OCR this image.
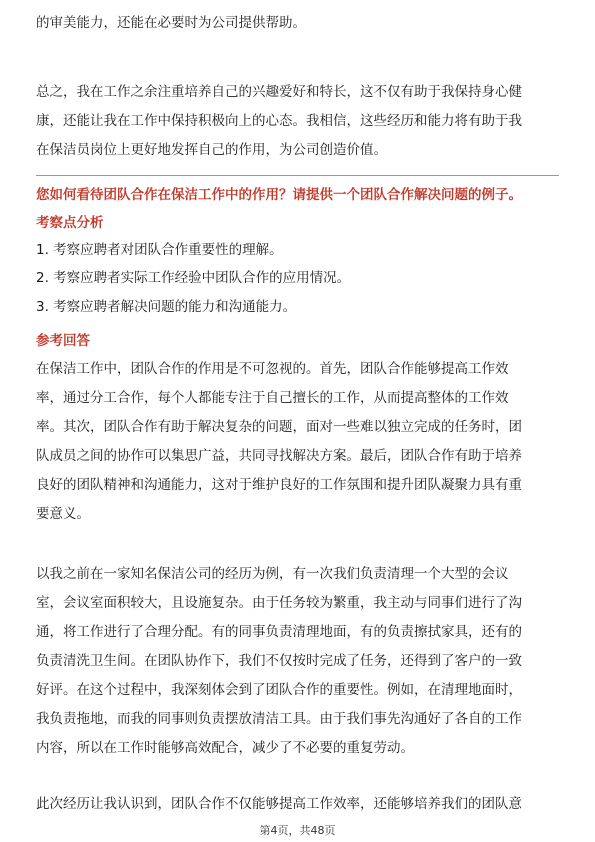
的审美能力，还能在必要时为公司提供帮助。
总之，我在工作之余注重培养自己的兴趣爱好和特长，这不仅有助于我保持身心健
康，还能让我在工作中保持积极向上的心态。我相信，这些经历和能力将有助于我
在保洁员岗位上更好地发挥自己的作用，为公司创造价值。
您如何看待团队合作在保洁工作中的作用？请提供一个团队合作解决问题的例子。
考察点分析
1. 考察应聘者对团队合作重要性的理解。
2. 考察应聘者实际工作经验中团队合作的应用情况。
3. 考察应聘者解决问题的能力和沟通能力。
参考回答
在保洁工作中，团队合作的作用是不可忽视的。首先，团队合作能够提高工作效
率，通过分工合作，每个人都能专注于自己擅长的工作，从而提高整体的工作效
率。其次，团队合作有助于解决复杂的问题，面对一些难以独立完成的任务时，团
队成员之间的协作可以集思广益，共同寻找解决方案。最后，团队合作有助于培养
良好的团队精神和沟通能力，这对于维护良好的工作氛围和提升团队凝聚力具有重
要意义。
以我之前在一家知名保洁公司的经历为例，有一次我们负责清理一个大型的会议
室，会议室面积较大，且设施复杂。由于任务较为繁重，我主动与同事们进行了沟
通，将工作进行了合理分配。有的同事负责清理地面，有的负责擦拭家具，还有的
负责清洗卫生间。在团队协作下，我们不仅按时完成了任务，还得到了客户的一致
好评。在这个过程中，我深刻体会到了团队合作的重要性。例如，在清理地面时，
我负责拖地，而我的同事则负责摆放清洁工具。由于我们事先沟通好了各自的工作
内容，所以在工作时能够高效配合，减少了不必要的重复劳动。
此次经历让我认识到，团队合作不仅能够提高工作效率，还能够培养我们的团队意
第4页，共48页
